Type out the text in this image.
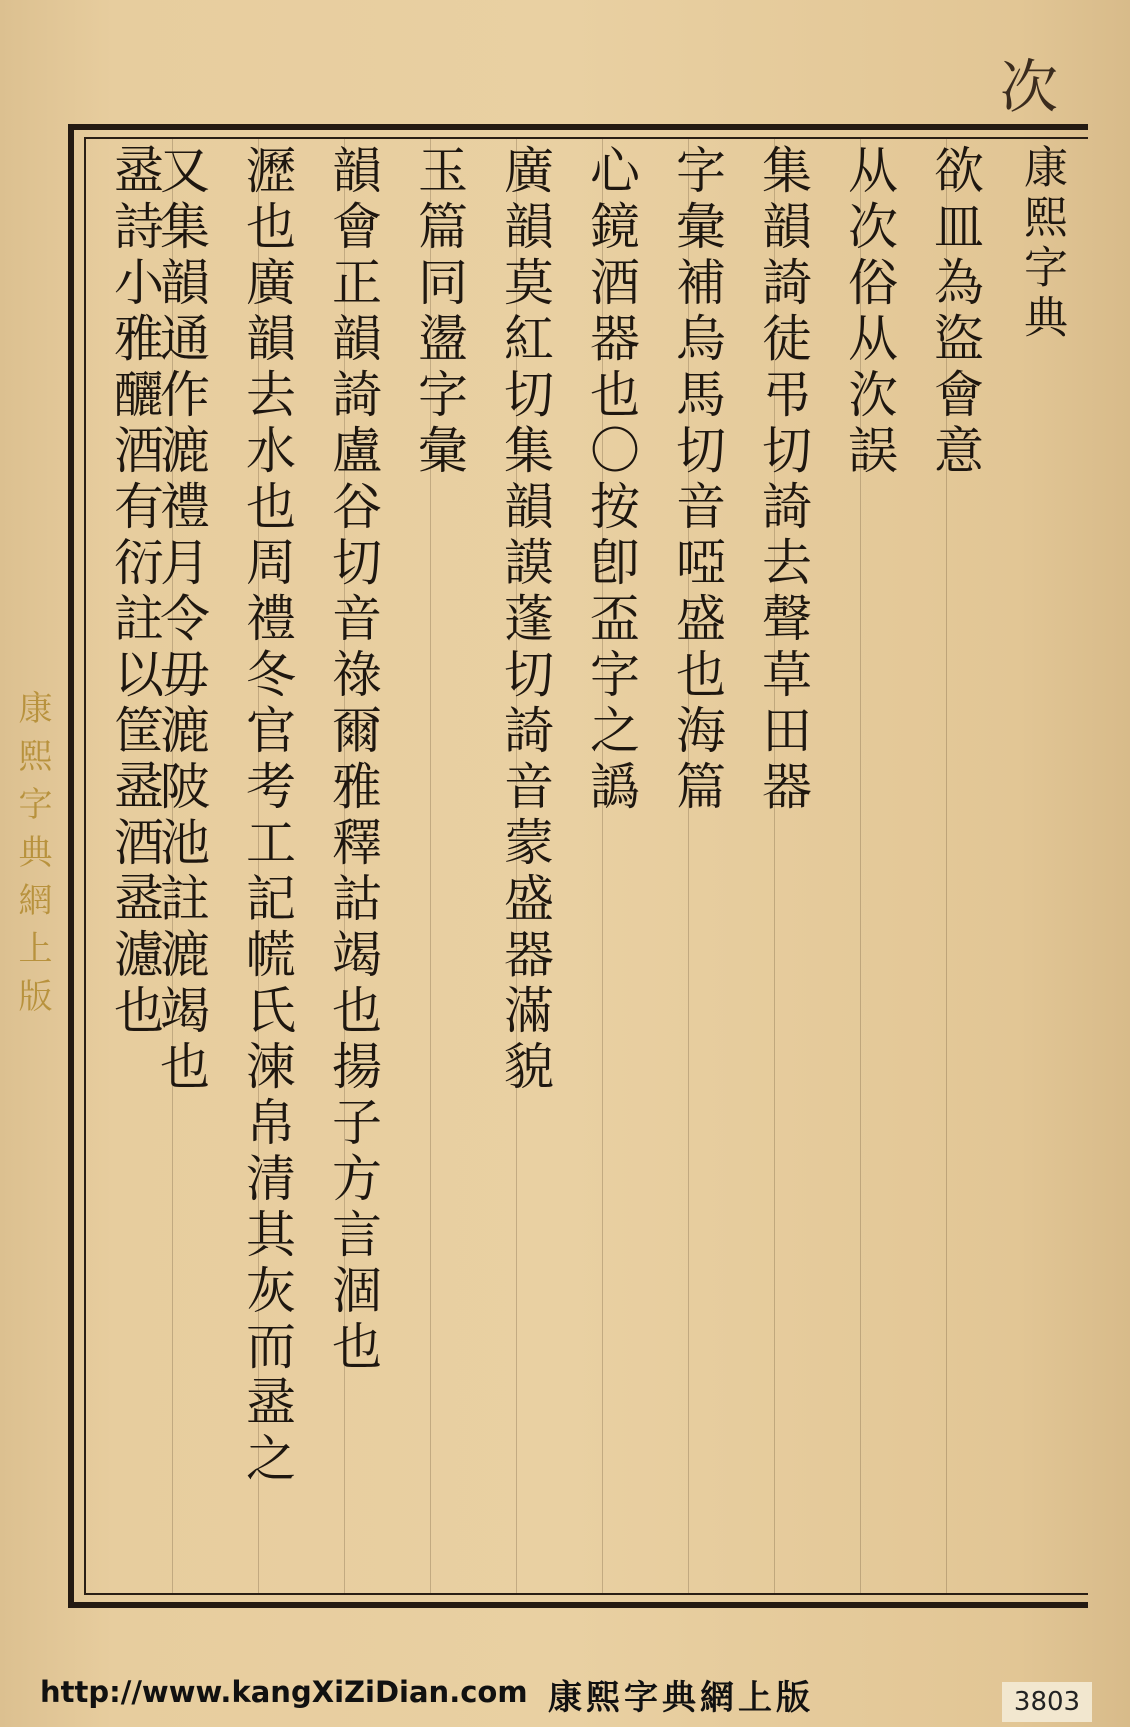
次
康熙字典
欲皿為盜會意
从次俗从㳄誤
集韻䛴徒弔切䛴去聲草田器
字彙補烏馬切音啞盛也海篇
心鏡酒器也〇按卽盃字之譌
廣韻莫紅切集韻謨蓬切䛴音蒙盛器滿貌
玉篇同盪字彙
韻會正韻䛴盧谷切音祿爾雅釋詁竭也揚子方言涸也
瀝也廣韻去水也周禮冬官考工記㡛氏湅帛清其灰而盝之
又集韻通作漉禮月令毋漉陂池註漉竭也
盝詩小雅釃酒有衍註以筐盝酒盝濾也
康熙字典網上版
http://www.kangXiZiDian.com 康熙字典網上版	3803
